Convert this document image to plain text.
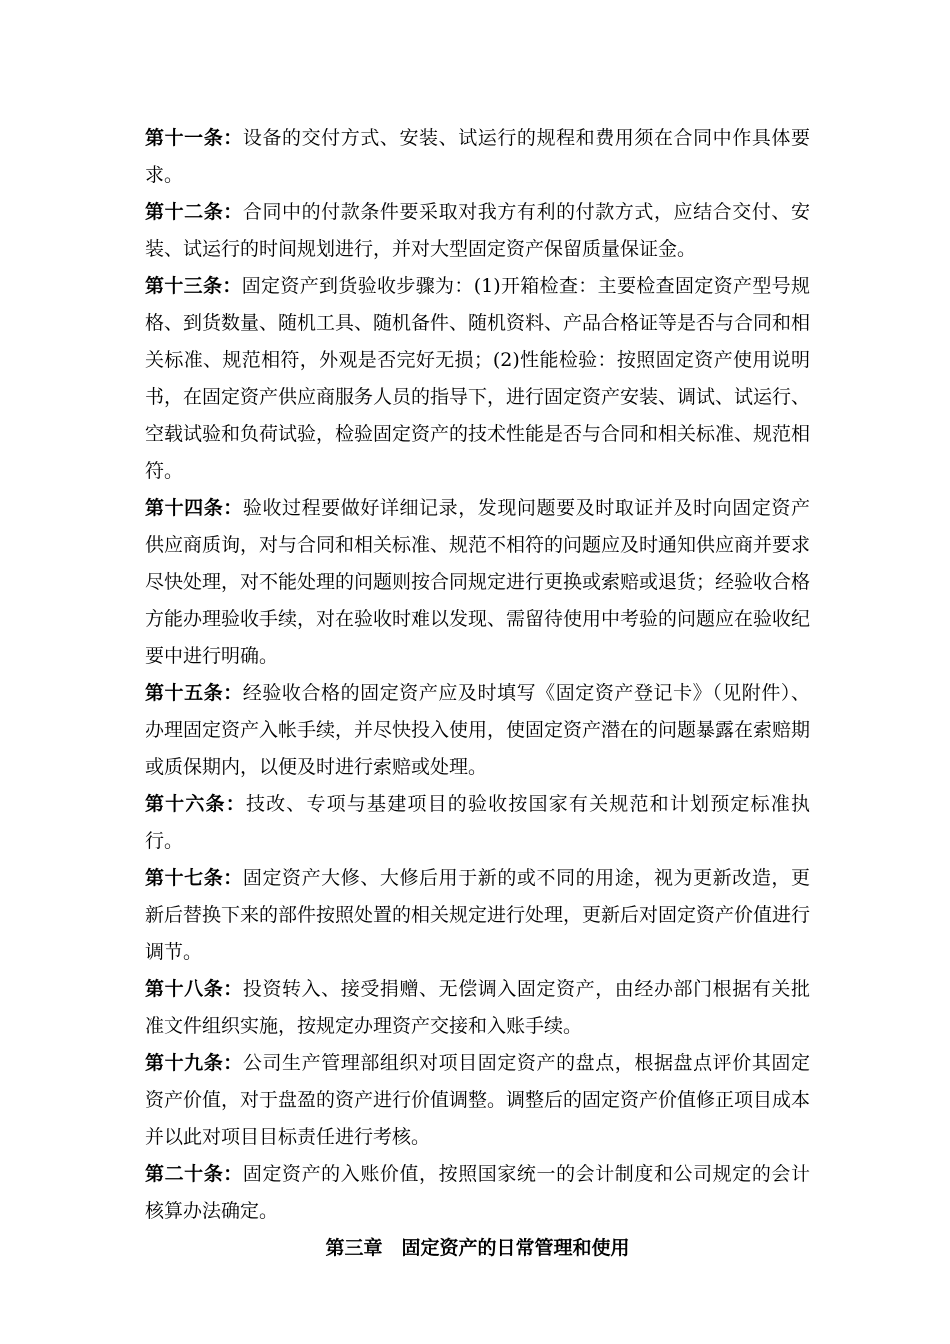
第十一条：设备的交付方式、安装、试运行的规程和费用须在合同中作具体要求。

第十二条：合同中的付款条件要采取对我方有利的付款方式，应结合交付、安装、试运行的时间规划进行，并对大型固定资产保留质量保证金。

第十三条：固定资产到货验收步骤为：(1)开箱检查：主要检查固定资产型号规格、到货数量、随机工具、随机备件、随机资料、产品合格证等是否与合同和相关标准、规范相符，外观是否完好无损；(2)性能检验：按照固定资产使用说明书，在固定资产供应商服务人员的指导下，进行固定资产安装、调试、试运行、空载试验和负荷试验，检验固定资产的技术性能是否与合同和相关标准、规范相符。

第十四条：验收过程要做好详细记录，发现问题要及时取证并及时向固定资产供应商质询，对与合同和相关标准、规范不相符的问题应及时通知供应商并要求尽快处理，对不能处理的问题则按合同规定进行更换或索赔或退货；经验收合格方能办理验收手续，对在验收时难以发现、需留待使用中考验的问题应在验收纪要中进行明确。

第十五条：经验收合格的固定资产应及时填写《固定资产登记卡》（见附件）、办理固定资产入帐手续，并尽快投入使用，使固定资产潜在的问题暴露在索赔期或质保期内，以便及时进行索赔或处理。

第十六条：技改、专项与基建项目的验收按国家有关规范和计划预定标准执行。

第十七条：固定资产大修、大修后用于新的或不同的用途，视为更新改造，更新后替换下来的部件按照处置的相关规定进行处理，更新后对固定资产价值进行调节。

第十八条：投资转入、接受捐赠、无偿调入固定资产，由经办部门根据有关批准文件组织实施，按规定办理资产交接和入账手续。

第十九条：公司生产管理部组织对项目固定资产的盘点，根据盘点评价其固定资产价值，对于盘盈的资产进行价值调整。调整后的固定资产价值修正项目成本并以此对项目目标责任进行考核。

第二十条：固定资产的入账价值，按照国家统一的会计制度和公司规定的会计核算办法确定。

第三章　固定资产的日常管理和使用
